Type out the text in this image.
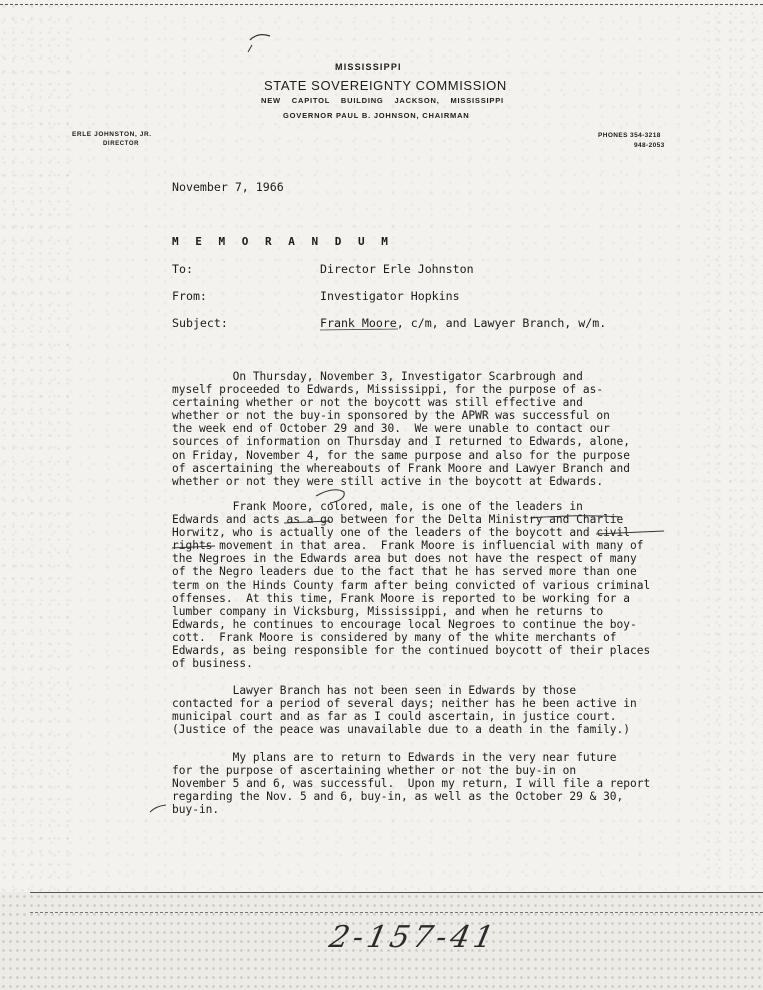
MISSISSIPPI
STATE SOVEREIGNTY COMMISSION
NEW CAPITOL BUILDING JACKSON, MISSISSIPPI
GOVERNOR PAUL B. JOHNSON, CHAIRMAN
ERLE JOHNSTON, JR.
DIRECTOR
PHONES 354-3218
948-2053
November 7, 1966
M E M O R A N D U M
To:	Director Erle Johnston
From:	Investigator Hopkins
Subject:	Frank Moore, c/m, and Lawyer Branch, w/m.

On Thursday, November 3, Investigator Scarbrough and
myself proceeded to Edwards, Mississippi, for the purpose of as-
certaining whether or not the boycott was still effective and
whether or not the buy-in sponsored by the APWR was successful on
the week end of October 29 and 30.  We were unable to contact our
sources of information on Thursday and I returned to Edwards, alone,
on Friday, November 4, for the same purpose and also for the purpose
of ascertaining the whereabouts of Frank Moore and Lawyer Branch and
whether or not they were still active in the boycott at Edwards.

Frank Moore, colored, male, is one of the leaders in
Edwards and acts as a go between for the Delta Ministry and Charlie
Horwitz, who is actually one of the leaders of the boycott and civil
rights movement in that area.  Frank Moore is influencial with many of
the Negroes in the Edwards area but does not have the respect of many
of the Negro leaders due to the fact that he has served more than one
term on the Hinds County farm after being convicted of various criminal
offenses.  At this time, Frank Moore is reported to be working for a
lumber company in Vicksburg, Mississippi, and when he returns to
Edwards, he continues to encourage local Negroes to continue the boy-
cott.  Frank Moore is considered by many of the white merchants of
Edwards, as being responsible for the continued boycott of their places
of business.

Lawyer Branch has not been seen in Edwards by those
contacted for a period of several days; neither has he been active in
municipal court and as far as I could ascertain, in justice court.
(Justice of the peace was unavailable due to a death in the family.)

My plans are to return to Edwards in the very near future
for the purpose of ascertaining whether or not the buy-in on
November 5 and 6, was successful.  Upon my return, I will file a report
regarding the Nov. 5 and 6, buy-in, as well as the October 29 & 30,
buy-in.

2-157-41
